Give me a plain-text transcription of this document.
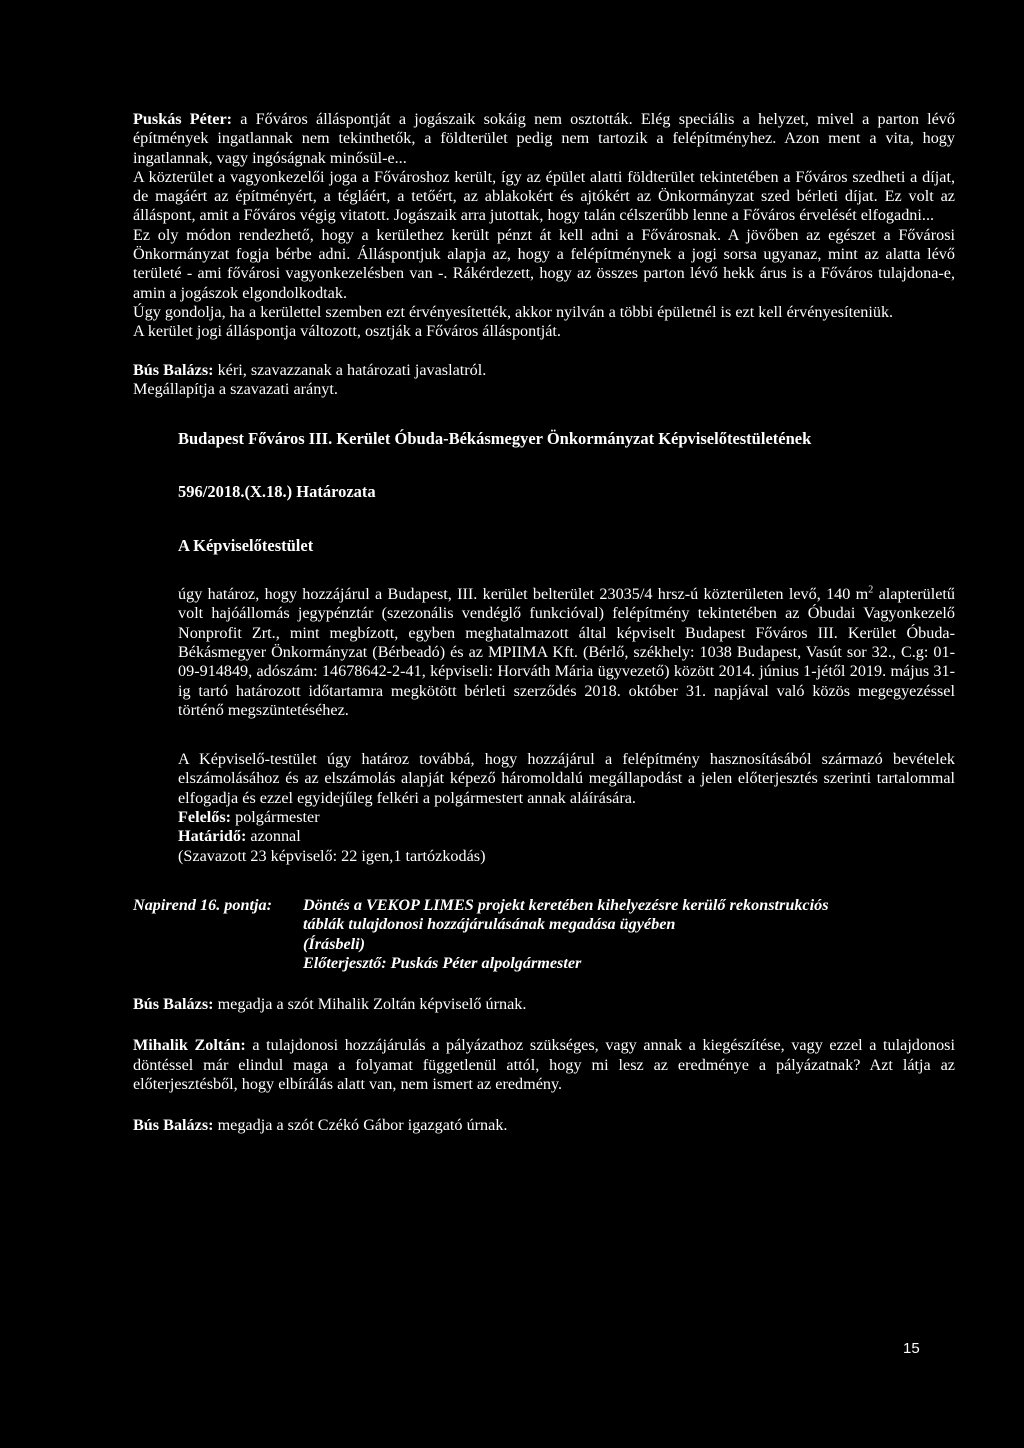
Puskás Péter: a Főváros álláspontját a jogászaik sokáig nem osztották. Elég speciális a helyzet, mivel a parton lévő építmények ingatlannak nem tekinthetők, a földterület pedig nem tartozik a felépítményhez. Azon ment a vita, hogy ingatlannak, vagy ingóságnak minősül-e...

A közterület a vagyonkezelői joga a Fővároshoz került, így az épület alatti földterület tekintetében a Főváros szedheti a díjat, de magáért az építményért, a tégláért, a tetőért, az ablakokért és ajtókért az Önkormányzat szed bérleti díjat. Ez volt az álláspont, amit a Főváros végig vitatott. Jogászaik arra jutottak, hogy talán célszerűbb lenne a Főváros érvelését elfogadni...

Ez oly módon rendezhető, hogy a kerülethez került pénzt át kell adni a Fővárosnak. A jövőben az egészet a Fővárosi Önkormányzat fogja bérbe adni. Álláspontjuk alapja az, hogy a felépítménynek a jogi sorsa ugyanaz, mint az alatta lévő területé - ami fővárosi vagyonkezelésben van -. Rákérdezett, hogy az összes parton lévő hekk árus is a Főváros tulajdona-e, amin a jogászok elgondolkodtak.

Úgy gondolja, ha a kerülettel szemben ezt érvényesítették, akkor nyilván a többi épületnél is ezt kell érvényesíteniük.

A kerület jogi álláspontja változott, osztják a Főváros álláspontját.

Bús Balázs: kéri, szavazzanak a határozati javaslatról.

Megállapítja a szavazati arányt.

Budapest Főváros III. Kerület Óbuda-Békásmegyer Önkormányzat Képviselőtestületének
596/2018.(X.18.) Határozata
A Képviselőtestület

úgy határoz, hogy hozzájárul a Budapest, III. kerület belterület 23035/4 hrsz-ú közterületen levő, 140 $m^2$ alapterületű volt hajóállomás jegypénztár (szezonális vendéglő funkcióval) felépítmény tekintetében az Óbudai Vagyonkezelő Nonprofit Zrt., mint megbízott, egyben meghatalmazott által képviselt Budapest Főváros III. Kerület Óbuda-Békásmegyer Önkormányzat (Bérbeadó) és az MPIIMA Kft. (Bérlő, székhely: 1038 Budapest, Vasút sor 32., C.g: 01-09-914849, adószám: 14678642-2-41, képviseli: Horváth Mária ügyvezető) között 2014. június 1-jétől 2019. május 31-ig tartó határozott időtartamra megkötött bérleti szerződés 2018. október 31. napjával való közös megegyezéssel történő megszüntetéséhez.

A Képviselő-testület úgy határoz továbbá, hogy hozzájárul a felépítmény hasznosításából származó bevételek elszámolásához és az elszámolás alapját képező háromoldalú megállapodást a jelen előterjesztés szerinti tartalommal elfogadja és ezzel egyidejűleg felkéri a polgármestert annak aláírására.

Felelős: polgármester

Határidő: azonnal

(Szavazott 23 képviselő: 22 igen,1 tartózkodás)

Napirend 16. pontja:	Döntés a VEKOP LIMES projekt keretében kihelyezésre kerülő rekonstrukciós
táblák tulajdonosi hozzájárulásának megadása ügyében
(Írásbeli)
Előterjesztő: Puskás Péter alpolgármester

Bús Balázs: megadja a szót Mihalik Zoltán képviselő úrnak.

Mihalik Zoltán: a tulajdonosi hozzájárulás a pályázathoz szükséges, vagy annak a kiegészítése, vagy ezzel a tulajdonosi döntéssel már elindul maga a folyamat függetlenül attól, hogy mi lesz az eredménye a pályázatnak? Azt látja az előterjesztésből, hogy elbírálás alatt van, nem ismert az eredmény.

Bús Balázs: megadja a szót Czékó Gábor igazgató úrnak.

15
